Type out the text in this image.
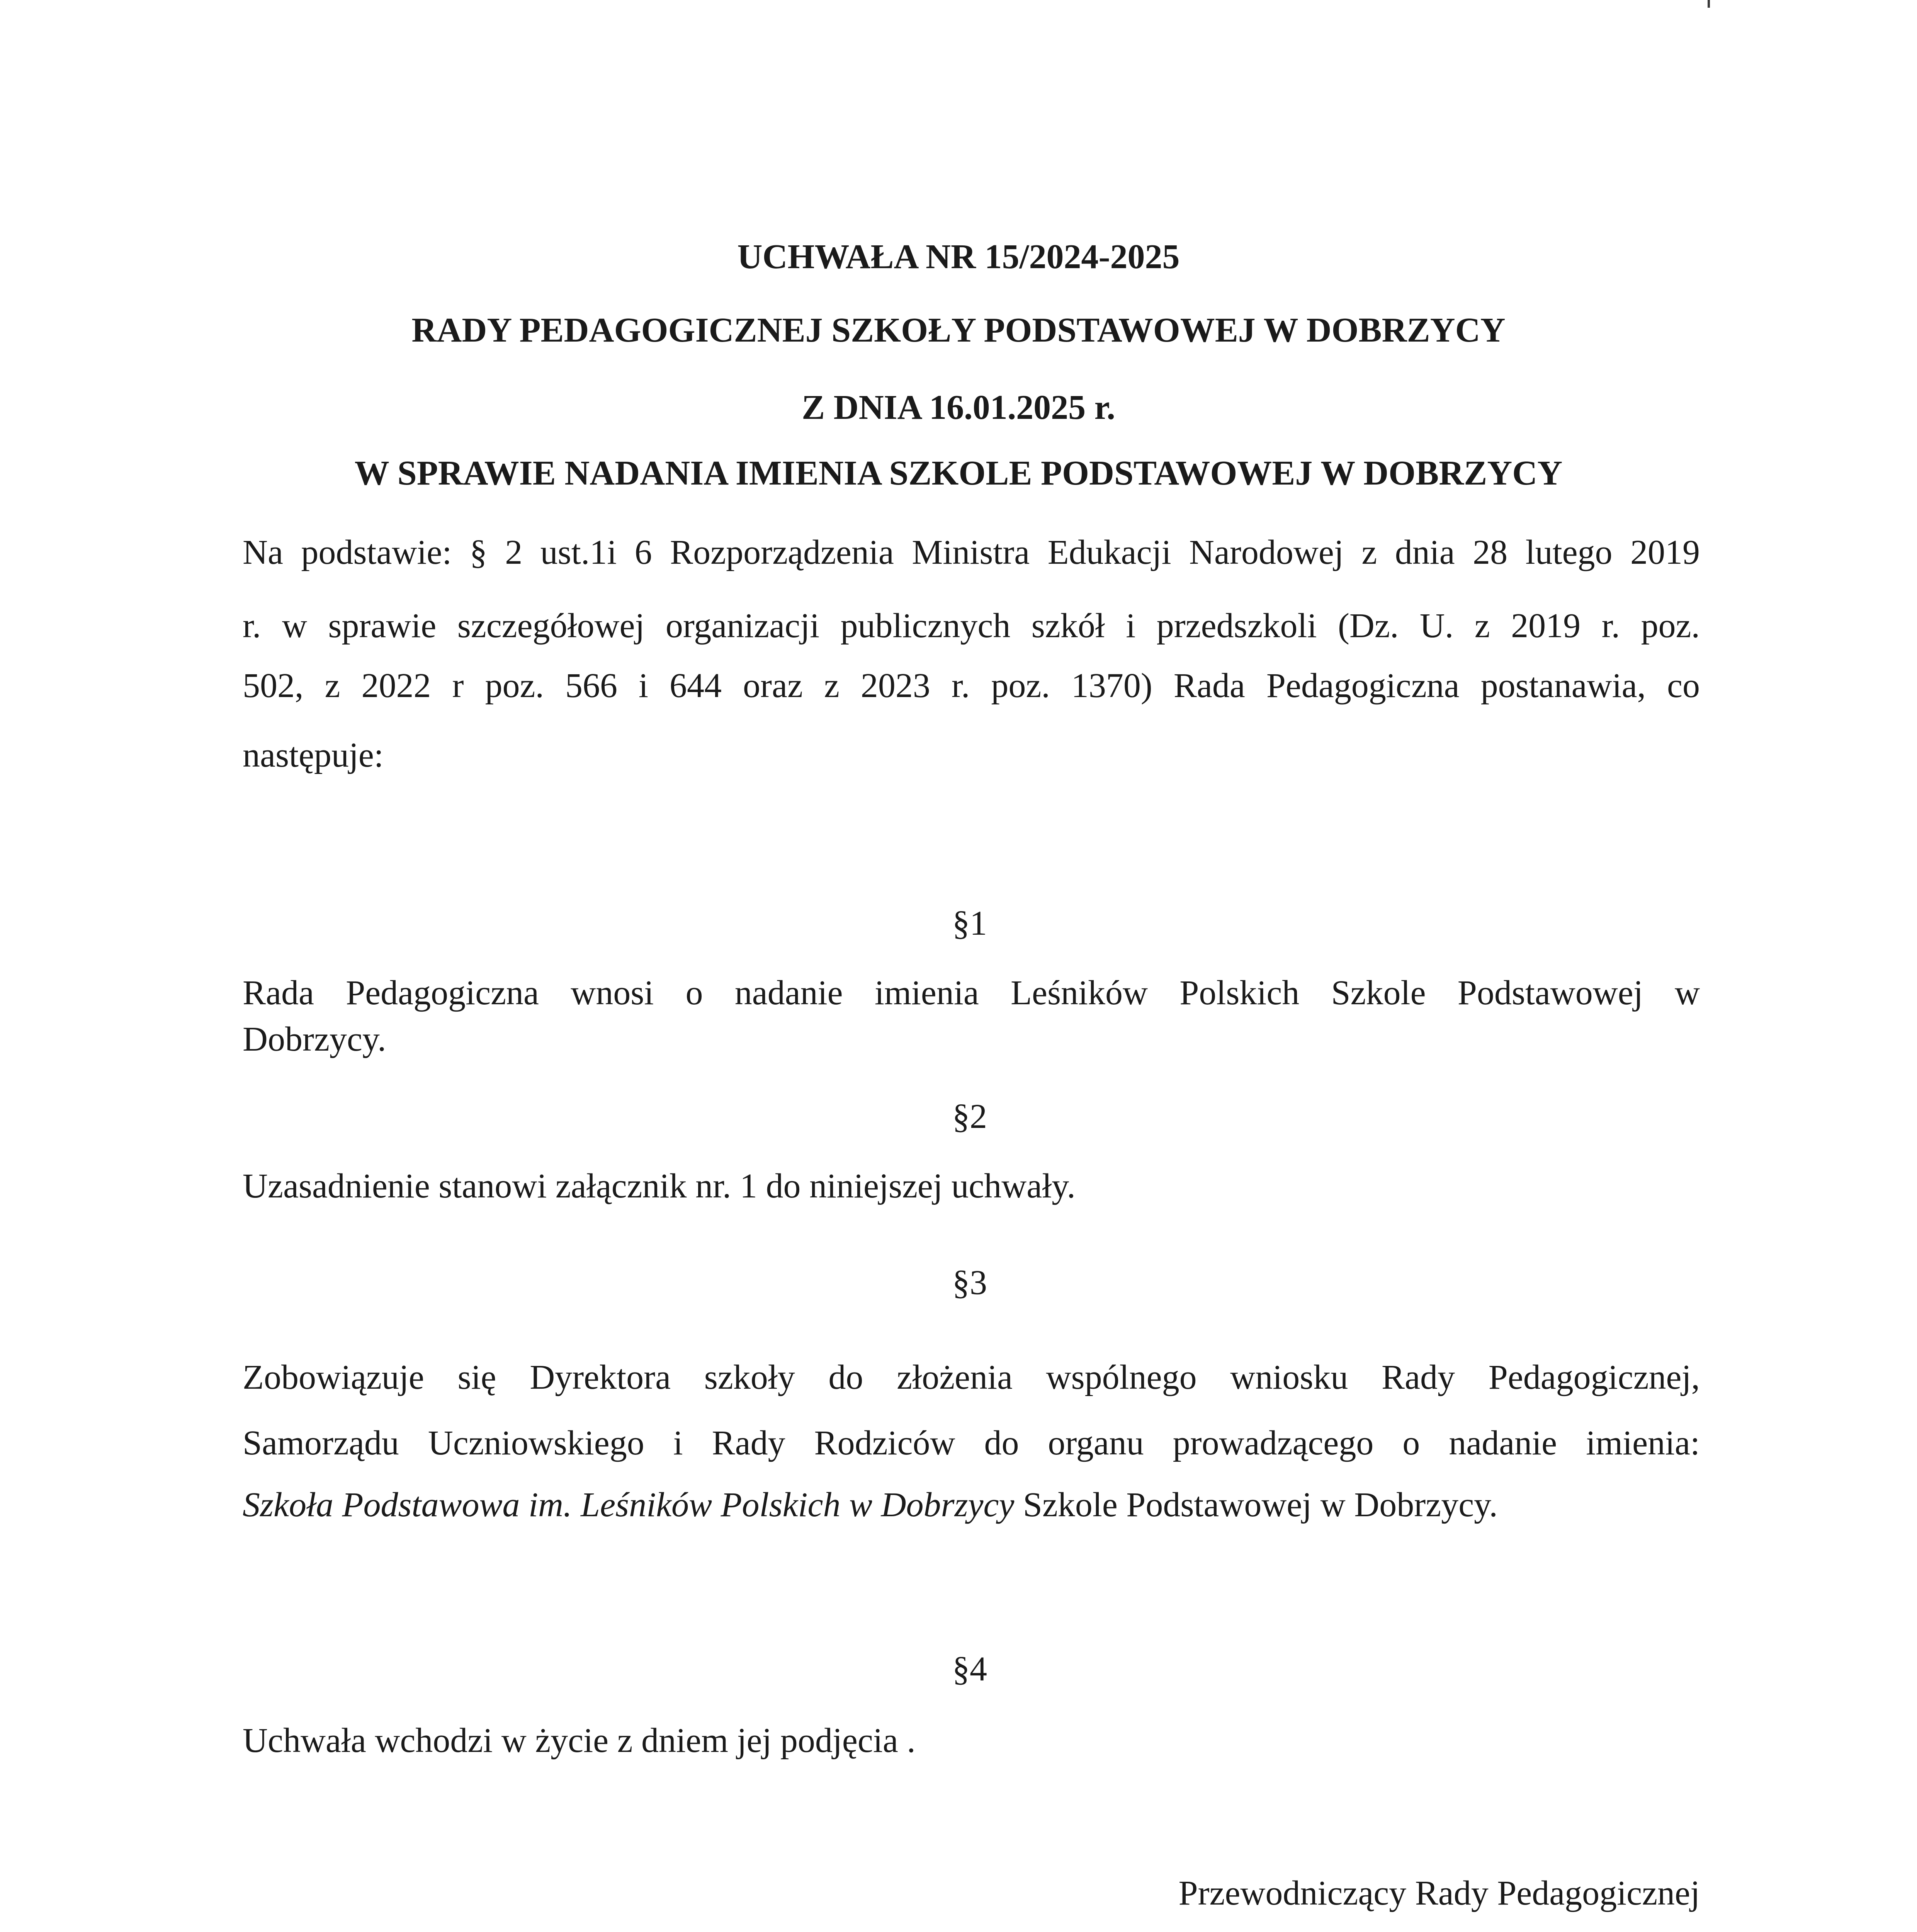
UCHWAŁA NR 15/2024-2025
RADY PEDAGOGICZNEJ SZKOŁY PODSTAWOWEJ W DOBRZYCY
Z DNIA 16.01.2025 r.
W SPRAWIE NADANIA IMIENIA SZKOLE PODSTAWOWEJ W DOBRZYCY
Na podstawie: § 2 ust.1i 6 Rozporządzenia Ministra Edukacji Narodowej z dnia 28 lutego 2019
r. w sprawie szczegółowej organizacji publicznych szkół i przedszkoli (Dz. U. z 2019 r. poz.
502, z 2022 r poz. 566 i 644 oraz z 2023 r. poz. 1370) Rada Pedagogiczna postanawia, co
następuje:
§1
Rada Pedagogiczna wnosi o nadanie imienia Leśników Polskich Szkole Podstawowej w
Dobrzycy.
§2
Uzasadnienie stanowi załącznik nr. 1 do niniejszej uchwały.
§3
Zobowiązuje się Dyrektora szkoły do złożenia wspólnego wniosku Rady Pedagogicznej,
Samorządu Uczniowskiego i Rady Rodziców do organu prowadzącego o nadanie imienia:
Szkoła Podstawowa im. Leśników Polskich w Dobrzycy Szkole Podstawowej w Dobrzycy.
§4
Uchwała wchodzi w życie z dniem jej podjęcia .
Przewodniczący Rady Pedagogicznej
